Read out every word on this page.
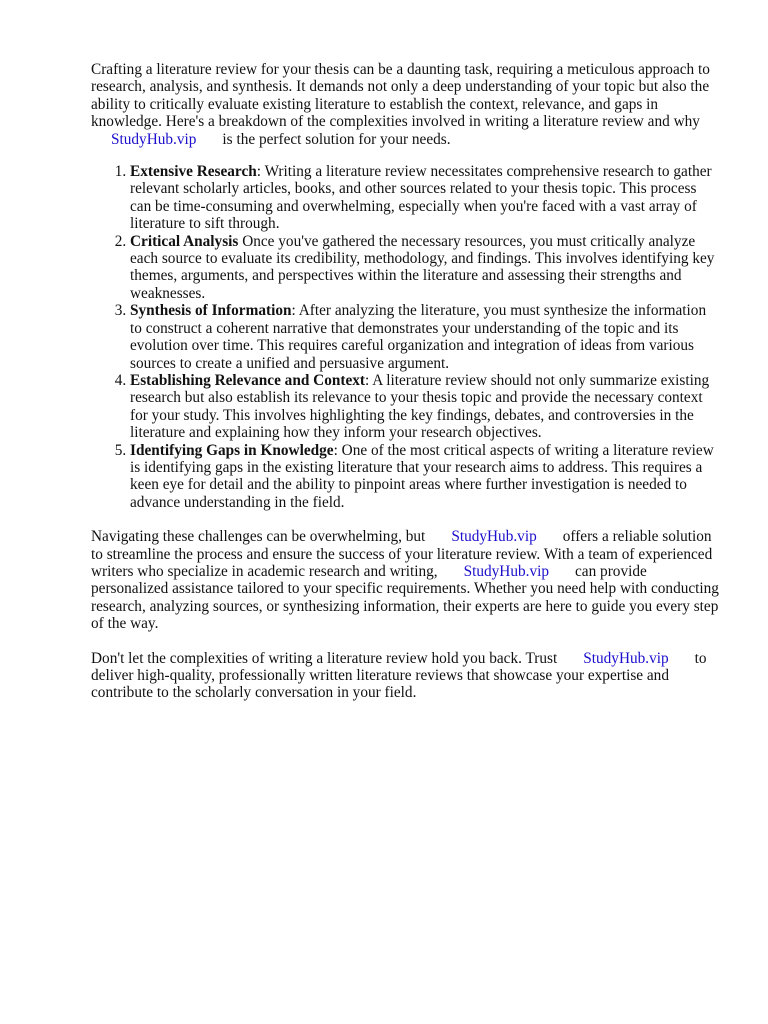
Crafting a literature review for your thesis can be a daunting task, requiring a meticulous approach to research, analysis, and synthesis. It demands not only a deep understanding of your topic but also the ability to critically evaluate existing literature to establish the context, relevance, and gaps in knowledge. Here's a breakdown of the complexities involved in writing a literature review and why
StudyHub.vip is the perfect solution for your needs.

1. Extensive Research: Writing a literature review necessitates comprehensive research to gather relevant scholarly articles, books, and other sources related to your thesis topic. This process can be time-consuming and overwhelming, especially when you're faced with a vast array of literature to sift through.
2. Critical Analysis Once you've gathered the necessary resources, you must critically analyze each source to evaluate its credibility, methodology, and findings. This involves identifying key themes, arguments, and perspectives within the literature and assessing their strengths and weaknesses.
3. Synthesis of Information: After analyzing the literature, you must synthesize the information to construct a coherent narrative that demonstrates your understanding of the topic and its evolution over time. This requires careful organization and integration of ideas from various sources to create a unified and persuasive argument.
4. Establishing Relevance and Context: A literature review should not only summarize existing research but also establish its relevance to your thesis topic and provide the necessary context for your study. This involves highlighting the key findings, debates, and controversies in the literature and explaining how they inform your research objectives.
5. Identifying Gaps in Knowledge: One of the most critical aspects of writing a literature review is identifying gaps in the existing literature that your research aims to address. This requires a keen eye for detail and the ability to pinpoint areas where further investigation is needed to advance understanding in the field.

Navigating these challenges can be overwhelming, but StudyHub.vip offers a reliable solution to streamline the process and ensure the success of your literature review. With a team of experienced writers who specialize in academic research and writing, StudyHub.vip can provide personalized assistance tailored to your specific requirements. Whether you need help with conducting research, analyzing sources, or synthesizing information, their experts are here to guide you every step of the way.

Don't let the complexities of writing a literature review hold you back. Trust StudyHub.vip to deliver high-quality, professionally written literature reviews that showcase your expertise and contribute to the scholarly conversation in your field.
